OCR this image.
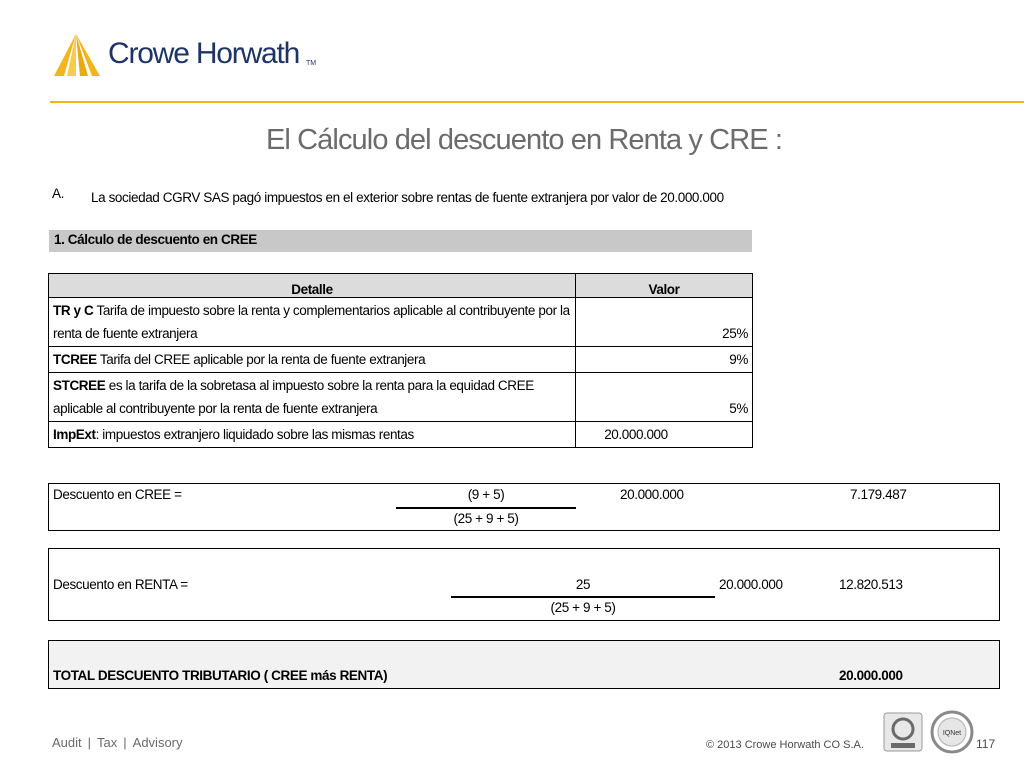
Crowe Horwath TM
El Cálculo del descuento en Renta y CRE :
A. La sociedad CGRV SAS pagó impuestos en el exterior sobre rentas de fuente extranjera por valor de 20.000.000
1. Cálculo de descuento en CREE
Detalle	Valor
TR y C Tarifa de impuesto sobre la renta y complementarios aplicable al contribuyente por la renta de fuente extranjera	25%
TCREE Tarifa del CREE aplicable por la renta de fuente extranjera	9%
STCREE es la tarifa de la sobretasa al impuesto sobre la renta para la equidad CREE aplicable al contribuyente por la renta de fuente extranjera	5%
ImpExt: impuestos extranjero liquidado sobre las mismas rentas	20.000.000
Descuento en CREE =	(9 + 5)
(25 + 9 + 5)
20.000.000	7.179.487
Descuento en RENTA =	25
(25 + 9 + 5)
20.000.000	12.820.513
TOTAL DESCUENTO TRIBUTARIO ( CREE más RENTA)	20.000.000
Audit | Tax | Advisory	© 2013 Crowe Horwath CO S.A.
IQNet
117
